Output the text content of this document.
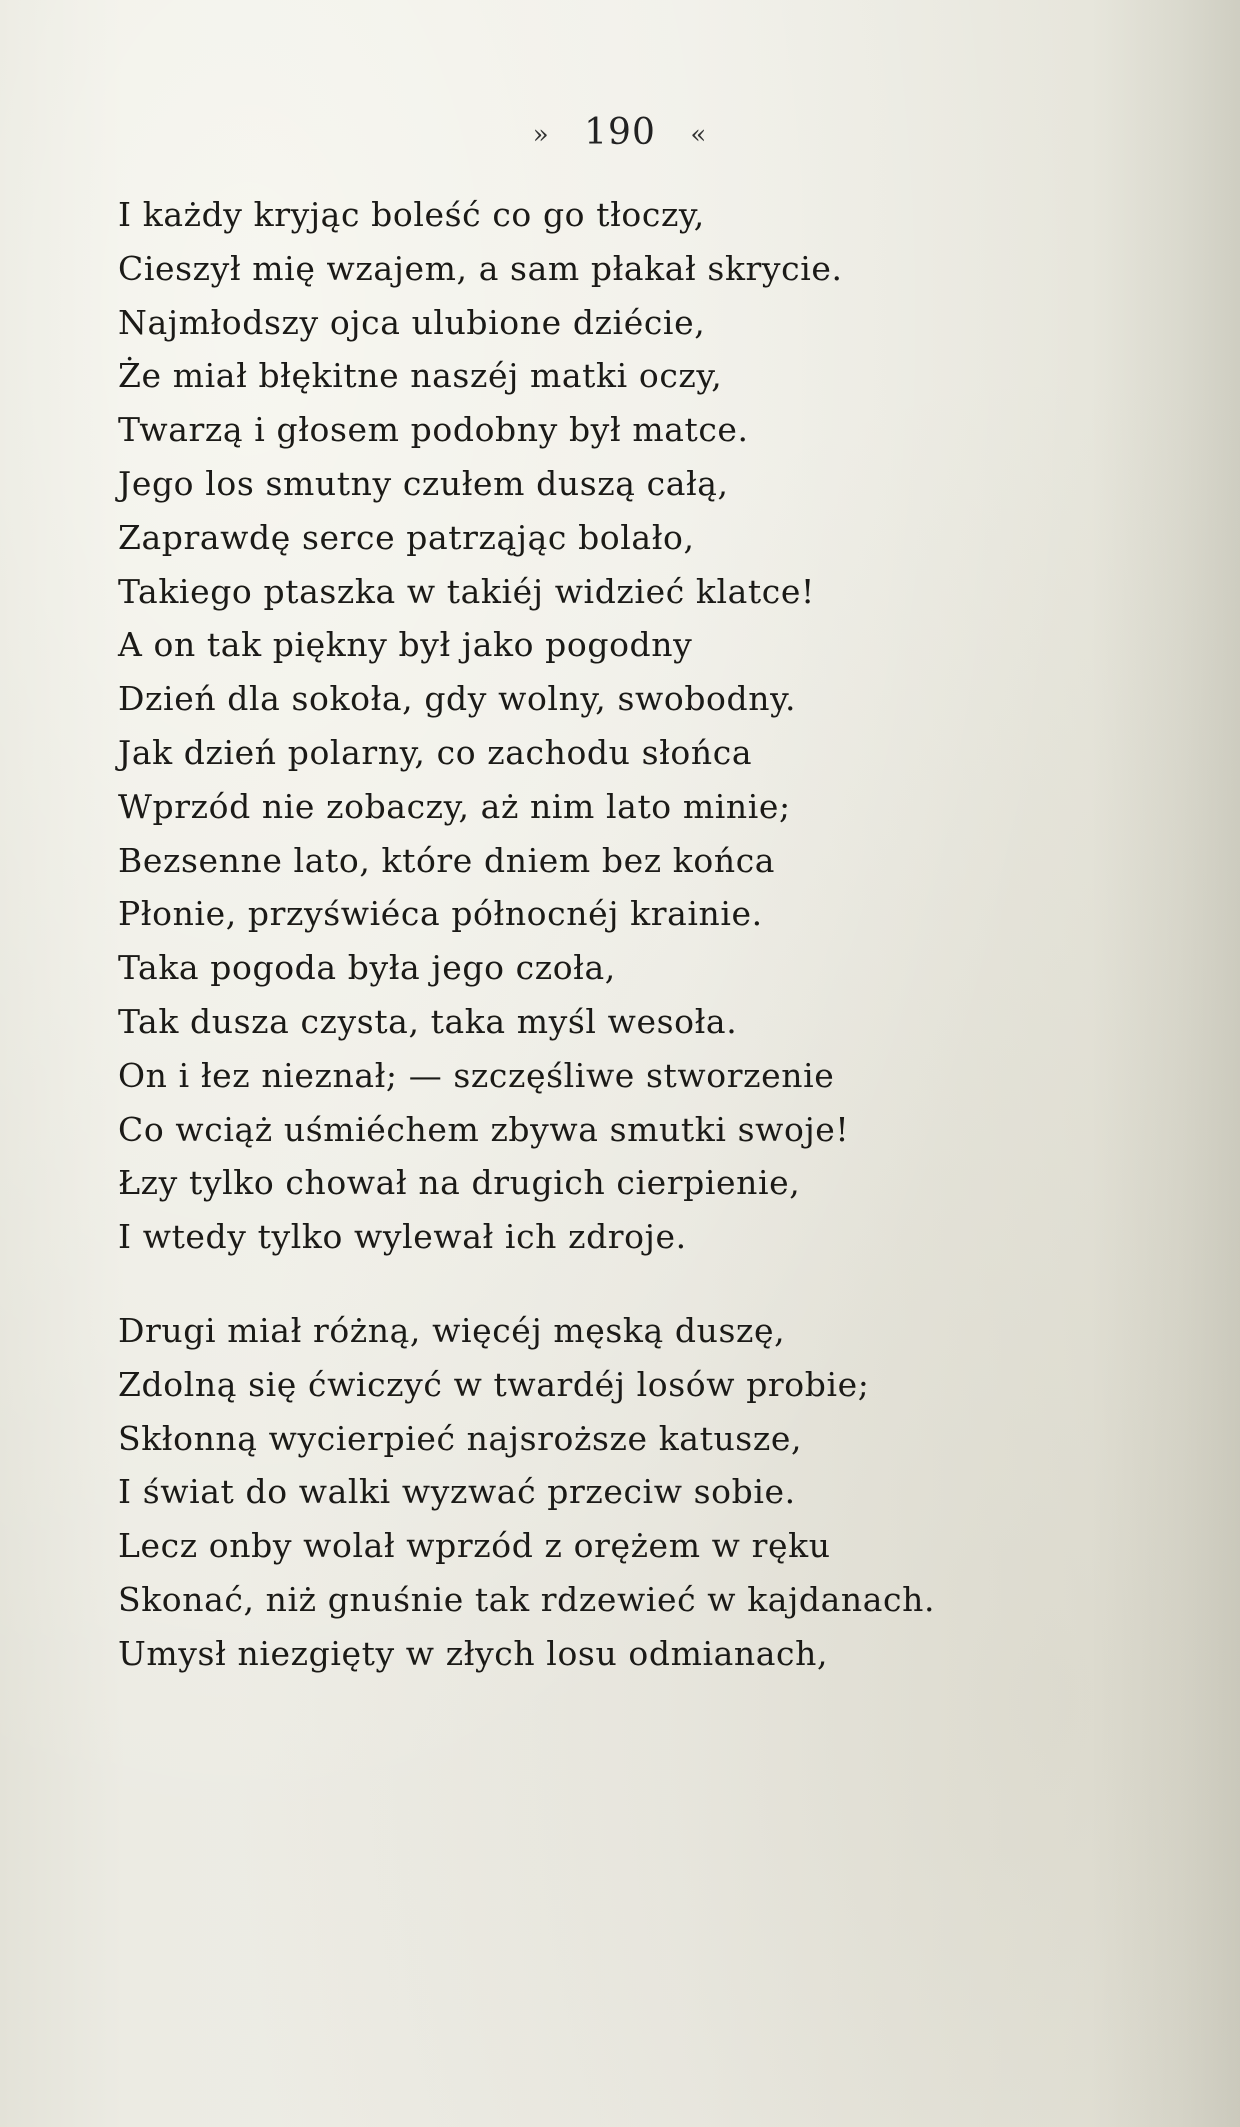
» 190 «
I każdy kryjąc boleść co go tłoczy,
Cieszył mię wzajem, a sam płakał skrycie.
Najmłodszy ojca ulubione dziécie,
Że miał błękitne naszéj matki oczy,
Twarzą i głosem podobny był matce.
Jego los smutny czułem duszą całą,
Zaprawdę serce patrząjąc bolało,
Takiego ptaszka w takiéj widzieć klatce!
A on tak piękny był jako pogodny
Dzień dla sokoła, gdy wolny, swobodny.
Jak dzień polarny, co zachodu słońca
Wprzód nie zobaczy, aż nim lato minie;
Bezsenne lato, które dniem bez końca
Płonie, przyświéca północnéj krainie.
Taka pogoda była jego czoła,
Tak dusza czysta, taka myśl wesoła.
On i łez nieznał; — szczęśliwe stworzenie
Co wciąż uśmiéchem zbywa smutki swoje!
Łzy tylko chował na drugich cierpienie,
I wtedy tylko wylewał ich zdroje.
Drugi miał różną, więcéj męską duszę,
Zdolną się ćwiczyć w twardéj losów probie;
Skłonną wycierpieć najsroższe katusze,
I świat do walki wyzwać przeciw sobie.
Lecz onby wolał wprzód z orężem w ręku
Skonać, niż gnuśnie tak rdzewieć w kajdanach.
Umysł niezgięty w złych losu odmianach,
